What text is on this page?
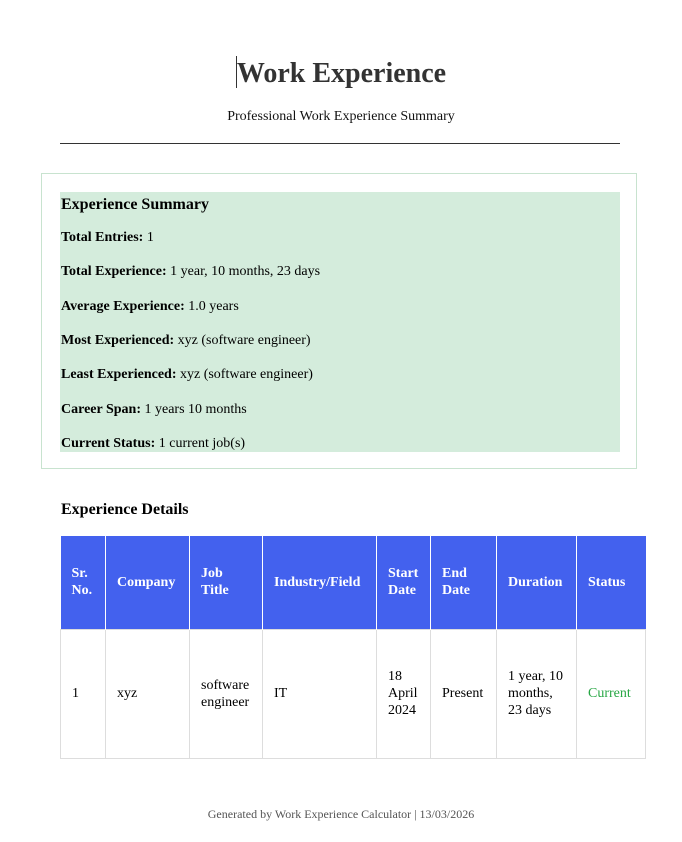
Work Experience
Professional Work Experience Summary
Experience Summary
Total Entries: 1
Total Experience: 1 year, 10 months, 23 days
Average Experience: 1.0 years
Most Experienced: xyz (software engineer)
Least Experienced: xyz (software engineer)
Career Span: 1 years 10 months
Current Status: 1 current job(s)
Experience Details
Sr. No.	Company	Job Title	Industry/Field	Start Date	End Date	Duration	Status
1	xyz	software engineer	IT	18 April 2024	Present	1 year, 10 months, 23 days	Current
Generated by Work Experience Calculator | 13/03/2026
